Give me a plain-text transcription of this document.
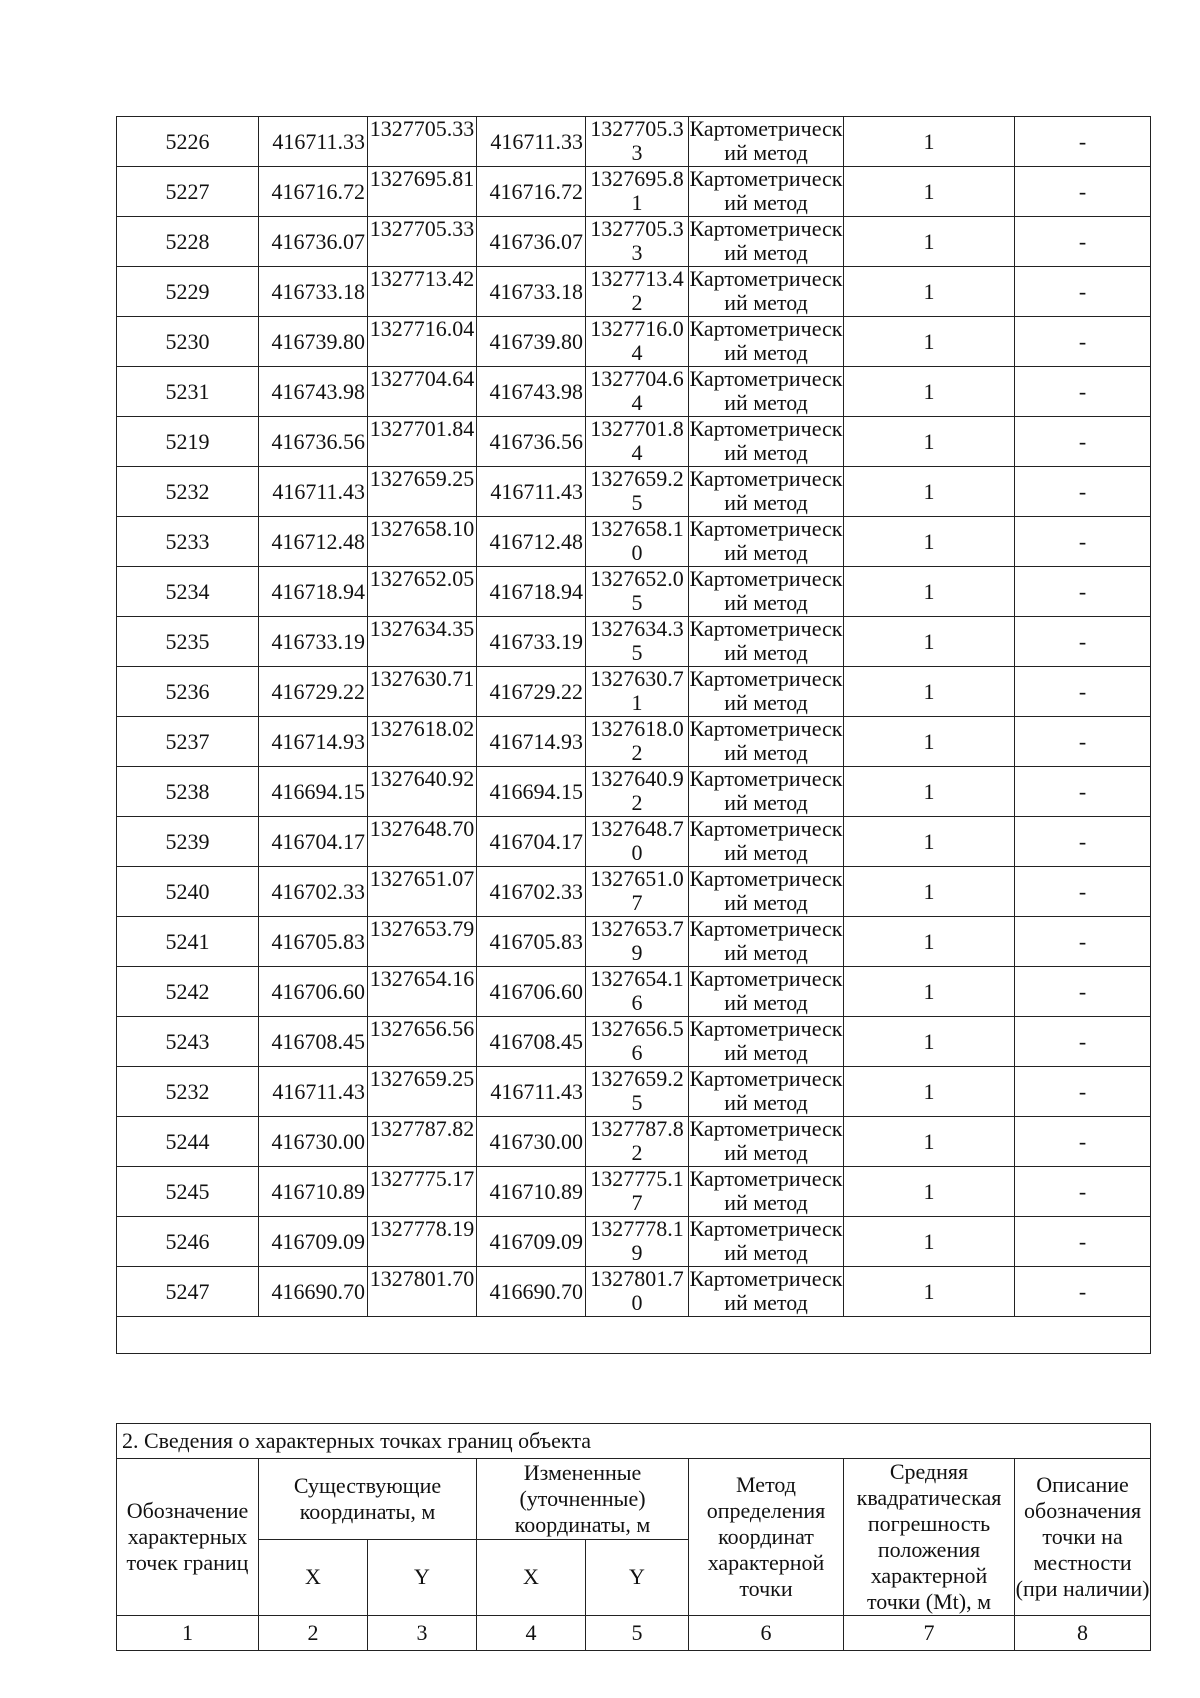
5226	416711.33	1327705.33	416711.33	1327705.33	Картометрический метод	1	-
5227	416716.72	1327695.81	416716.72	1327695.81	Картометрический метод	1	-
5228	416736.07	1327705.33	416736.07	1327705.33	Картометрический метод	1	-
5229	416733.18	1327713.42	416733.18	1327713.42	Картометрический метод	1	-
5230	416739.80	1327716.04	416739.80	1327716.04	Картометрический метод	1	-
5231	416743.98	1327704.64	416743.98	1327704.64	Картометрический метод	1	-
5219	416736.56	1327701.84	416736.56	1327701.84	Картометрический метод	1	-
5232	416711.43	1327659.25	416711.43	1327659.25	Картометрический метод	1	-
5233	416712.48	1327658.10	416712.48	1327658.10	Картометрический метод	1	-
5234	416718.94	1327652.05	416718.94	1327652.05	Картометрический метод	1	-
5235	416733.19	1327634.35	416733.19	1327634.35	Картометрический метод	1	-
5236	416729.22	1327630.71	416729.22	1327630.71	Картометрический метод	1	-
5237	416714.93	1327618.02	416714.93	1327618.02	Картометрический метод	1	-
5238	416694.15	1327640.92	416694.15	1327640.92	Картометрический метод	1	-
5239	416704.17	1327648.70	416704.17	1327648.70	Картометрический метод	1	-
5240	416702.33	1327651.07	416702.33	1327651.07	Картометрический метод	1	-
5241	416705.83	1327653.79	416705.83	1327653.79	Картометрический метод	1	-
5242	416706.60	1327654.16	416706.60	1327654.16	Картометрический метод	1	-
5243	416708.45	1327656.56	416708.45	1327656.56	Картометрический метод	1	-
5232	416711.43	1327659.25	416711.43	1327659.25	Картометрический метод	1	-
5244	416730.00	1327787.82	416730.00	1327787.82	Картометрический метод	1	-
5245	416710.89	1327775.17	416710.89	1327775.17	Картометрический метод	1	-
5246	416709.09	1327778.19	416709.09	1327778.19	Картометрический метод	1	-
5247	416690.70	1327801.70	416690.70	1327801.70	Картометрический метод	1	-

2. Сведения о характерных точках границ объекта							
Обозначение характерных точек границ	Существующие координаты, м		Измененные (уточненные) координаты, м		Метод определения координат характерной точки	Средняя квадратическая погрешность положения характерной точки (Mt), м	Описание обозначения точки на местности (при наличии)
	X	Y	X	Y			
1	2	3	4	5	6	7	8
